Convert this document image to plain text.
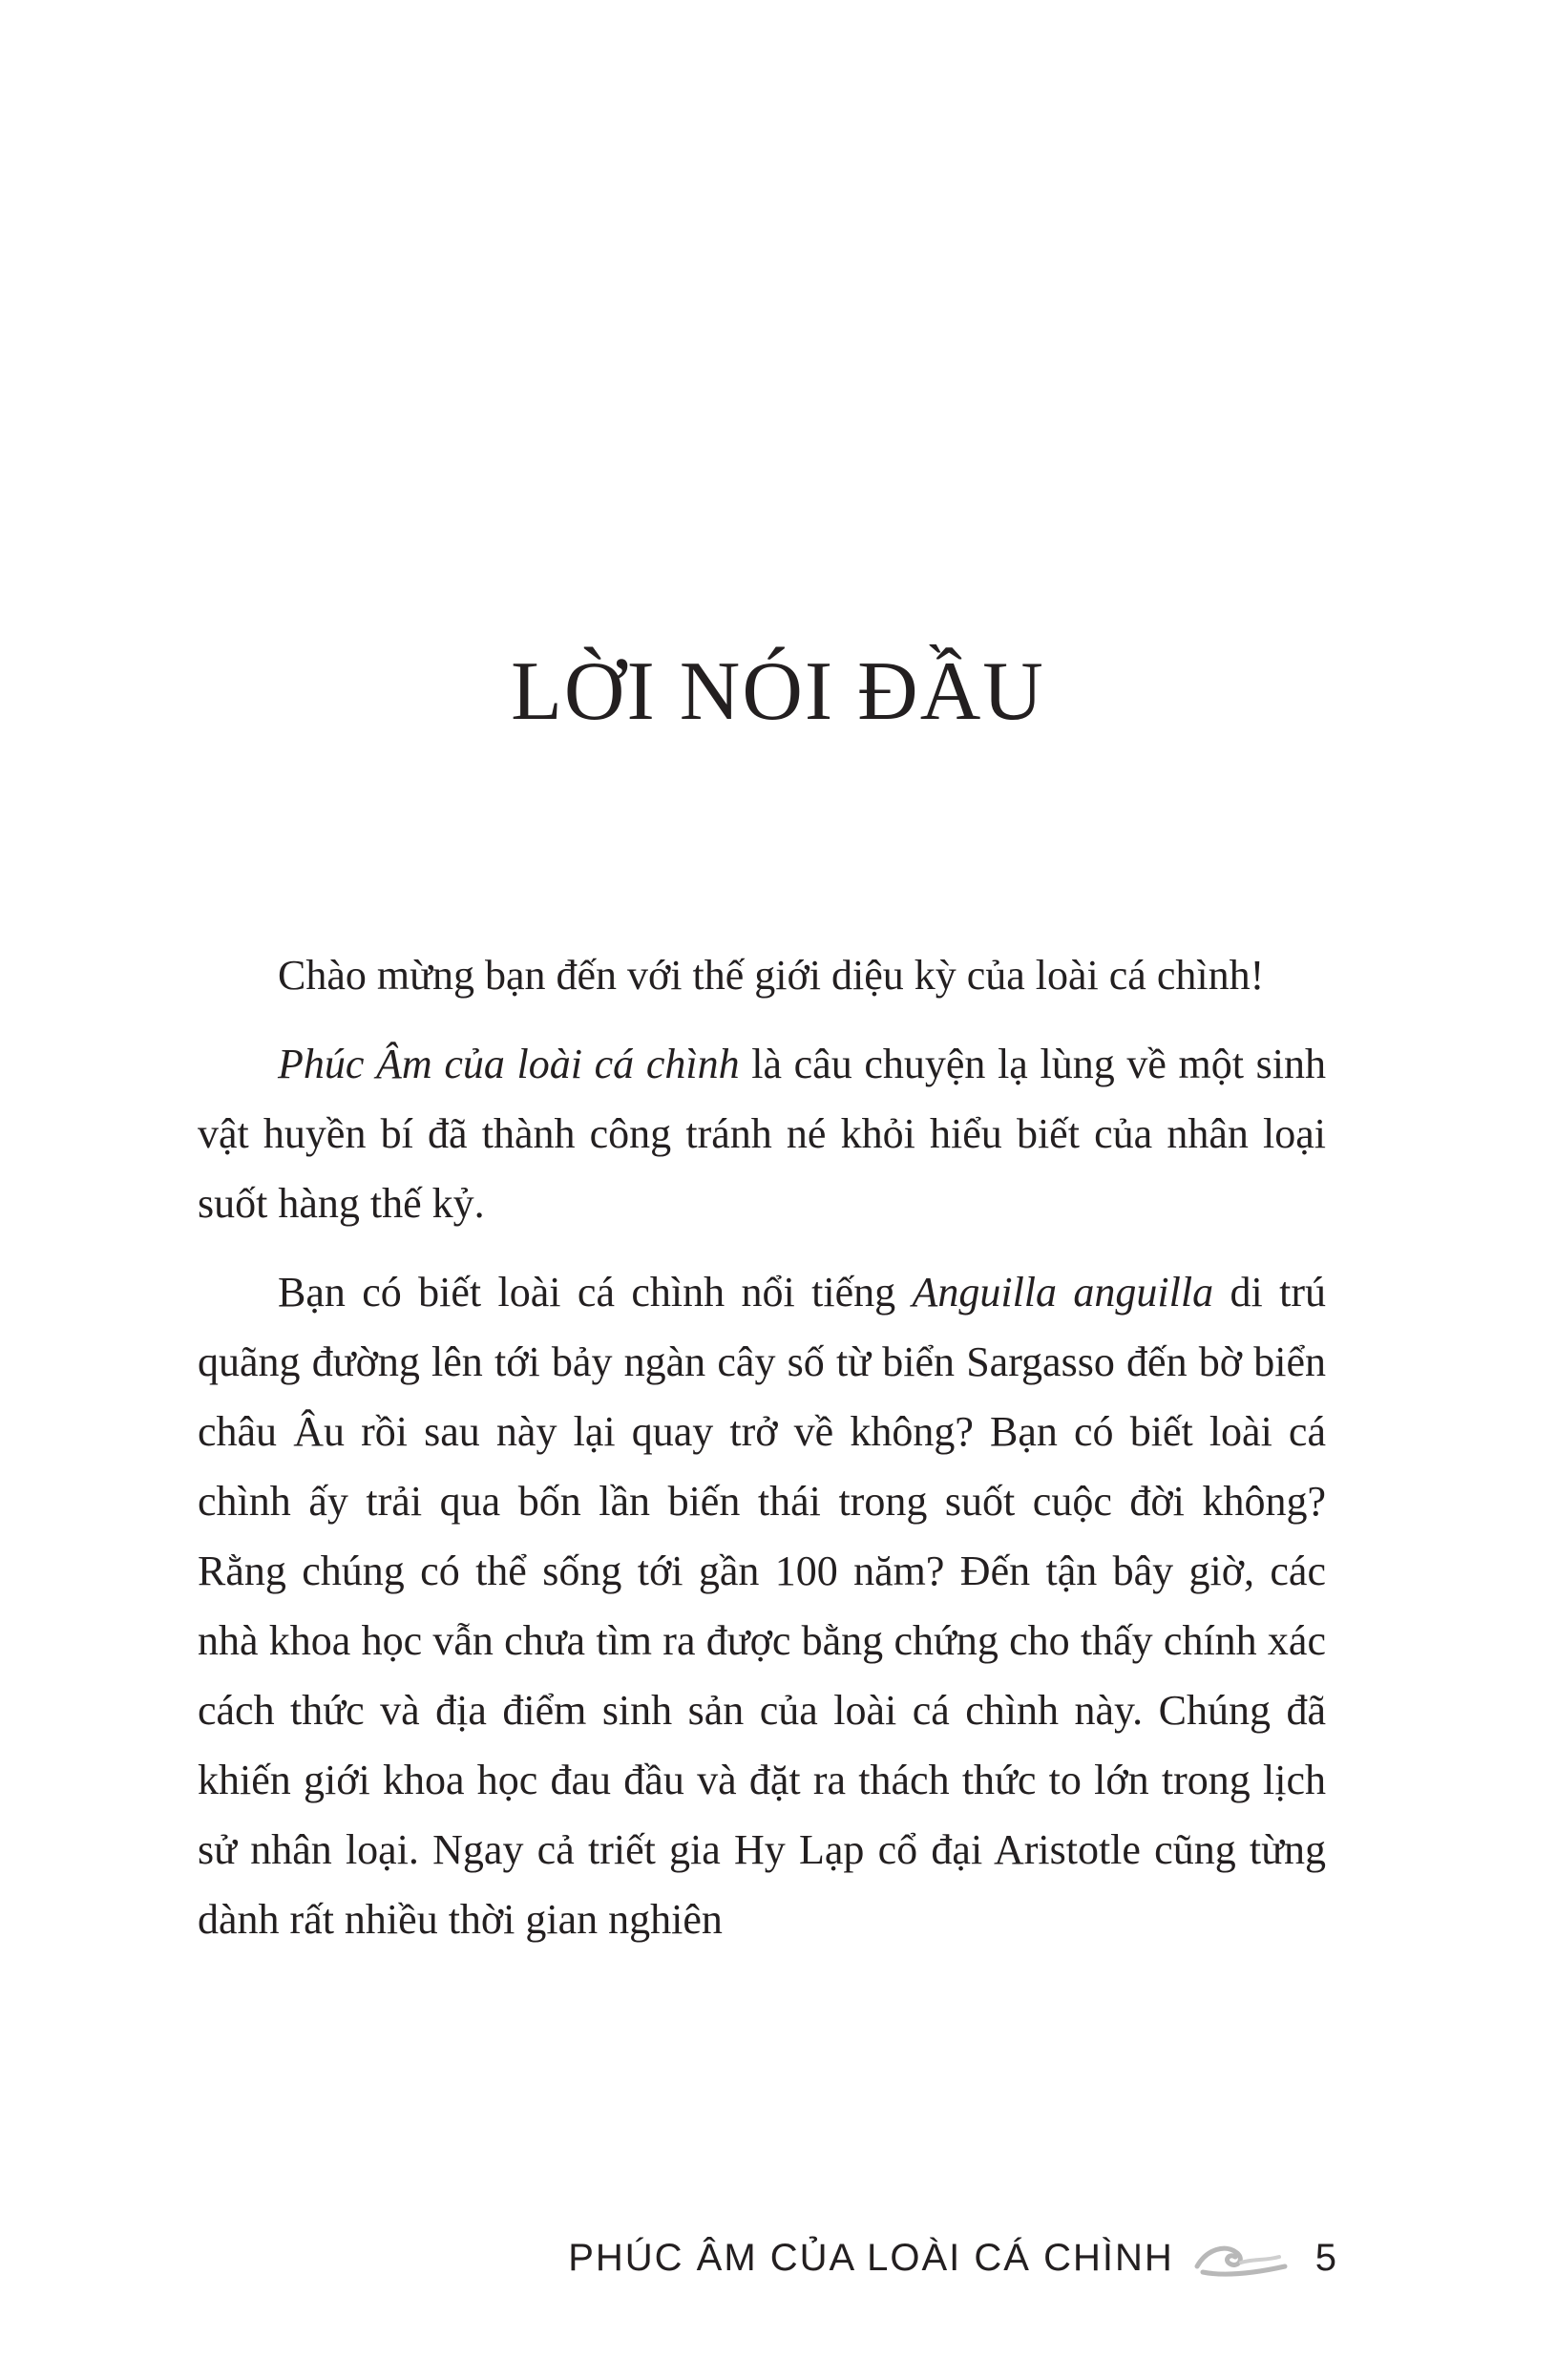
LỜI NÓI ĐẦU

Chào mừng bạn đến với thế giới diệu kỳ của loài cá chình!

Phúc Âm của loài cá chình là câu chuyện lạ lùng về một sinh vật huyền bí đã thành công tránh né khỏi hiểu biết của nhân loại suốt hàng thế kỷ.

Bạn có biết loài cá chình nổi tiếng Anguilla anguilla di trú quãng đường lên tới bảy ngàn cây số từ biển Sargasso đến bờ biển châu Âu rồi sau này lại quay trở về không? Bạn có biết loài cá chình ấy trải qua bốn lần biến thái trong suốt cuộc đời không? Rằng chúng có thể sống tới gần 100 năm? Đến tận bây giờ, các nhà khoa học vẫn chưa tìm ra được bằng chứng cho thấy chính xác cách thức và địa điểm sinh sản của loài cá chình này. Chúng đã khiến giới khoa học đau đầu và đặt ra thách thức to lớn trong lịch sử nhân loại. Ngay cả triết gia Hy Lạp cổ đại Aristotle cũng từng dành rất nhiều thời gian nghiên

PHÚC ÂM CỦA LOÀI CÁ CHÌNH	5
